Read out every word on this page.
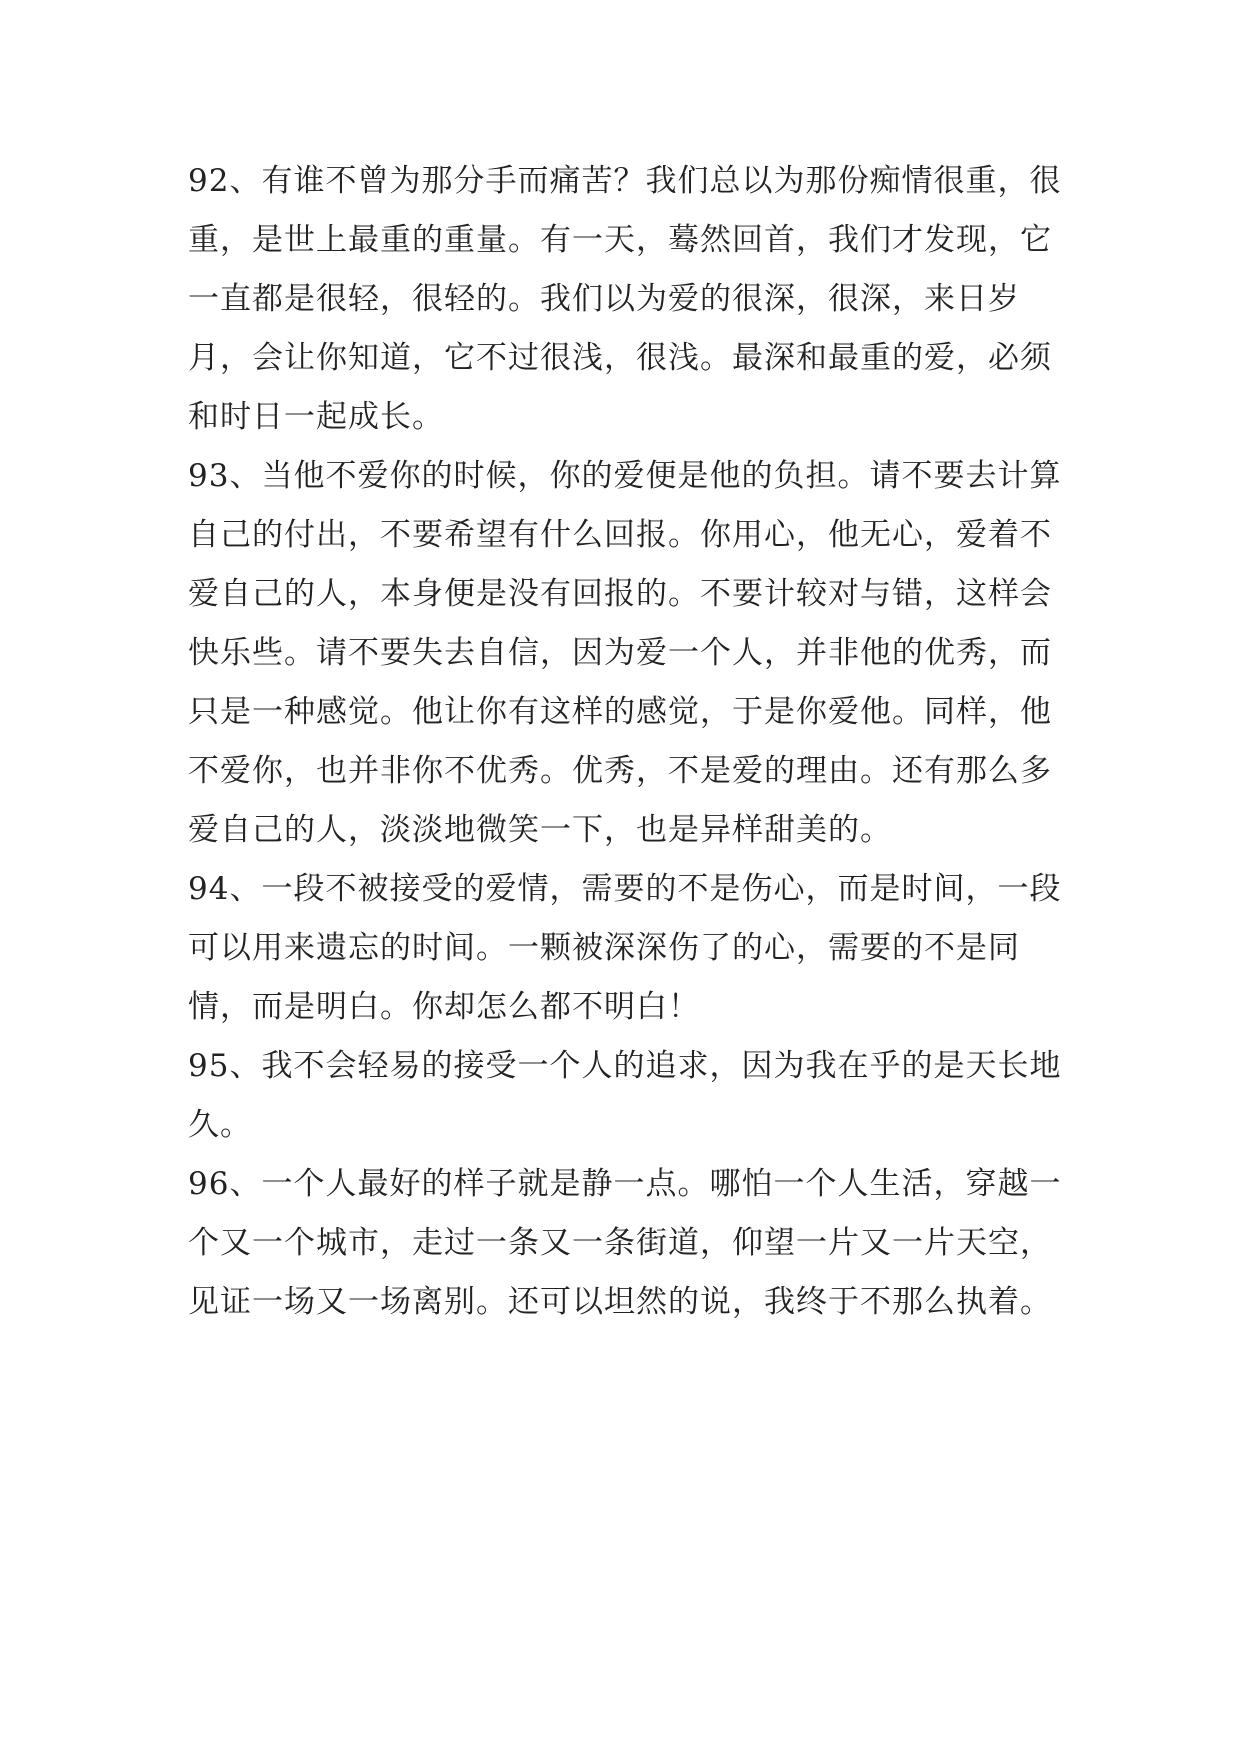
92、有谁不曾为那分手而痛苦？我们总以为那份痴情很重，很重，是世上最重的重量。有一天，蓦然回首，我们才发现，它一直都是很轻，很轻的。我们以为爱的很深，很深，来日岁月，会让你知道，它不过很浅，很浅。最深和最重的爱，必须和时日一起成长。

93、当他不爱你的时候，你的爱便是他的负担。请不要去计算自己的付出，不要希望有什么回报。你用心，他无心，爱着不爱自己的人，本身便是没有回报的。不要计较对与错，这样会快乐些。请不要失去自信，因为爱一个人，并非他的优秀，而只是一种感觉。他让你有这样的感觉，于是你爱他。同样，他不爱你，也并非你不优秀。优秀，不是爱的理由。还有那么多爱自己的人，淡淡地微笑一下，也是异样甜美的。

94、一段不被接受的爱情，需要的不是伤心，而是时间，一段可以用来遗忘的时间。一颗被深深伤了的心，需要的不是同情，而是明白。你却怎么都不明白！

95、我不会轻易的接受一个人的追求，因为我在乎的是天长地久。

96、一个人最好的样子就是静一点。哪怕一个人生活，穿越一个又一个城市，走过一条又一条街道，仰望一片又一片天空，见证一场又一场离别。还可以坦然的说，我终于不那么执着。
